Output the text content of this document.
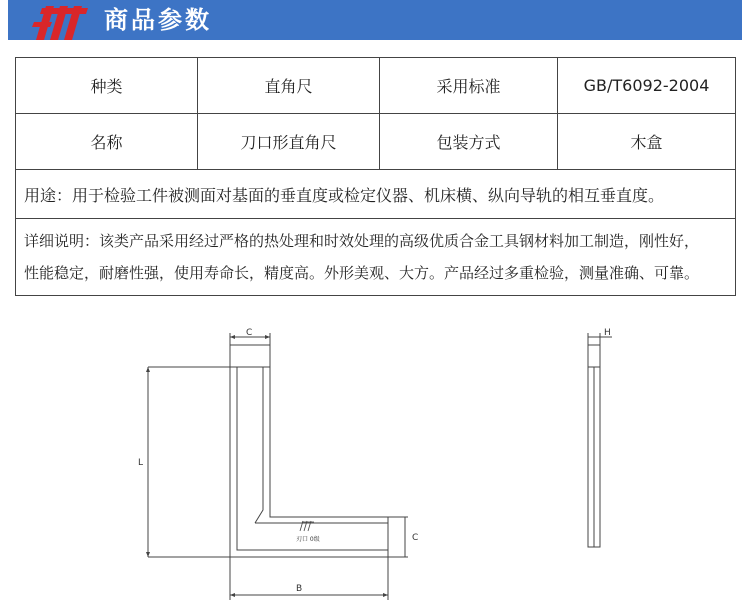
商品参数
种类	直角尺	采用标准	GB/T6092-2004
名称	刀口形直角尺	包装方式	木盒
用途：用于检验工件被测面对基面的垂直度或检定仪器、机床横、纵向导轨的相互垂直度。			

详细说明：该类产品采用经过严格的热处理和时效处理的高级优质合金工具钢材料加工制造，刚性好，
性能稳定，耐磨性强，使用寿命长，精度高。外形美观、大方。产品经过多重检验，测量准确、可靠。			
C
L
C
B
H
刃口 0级
